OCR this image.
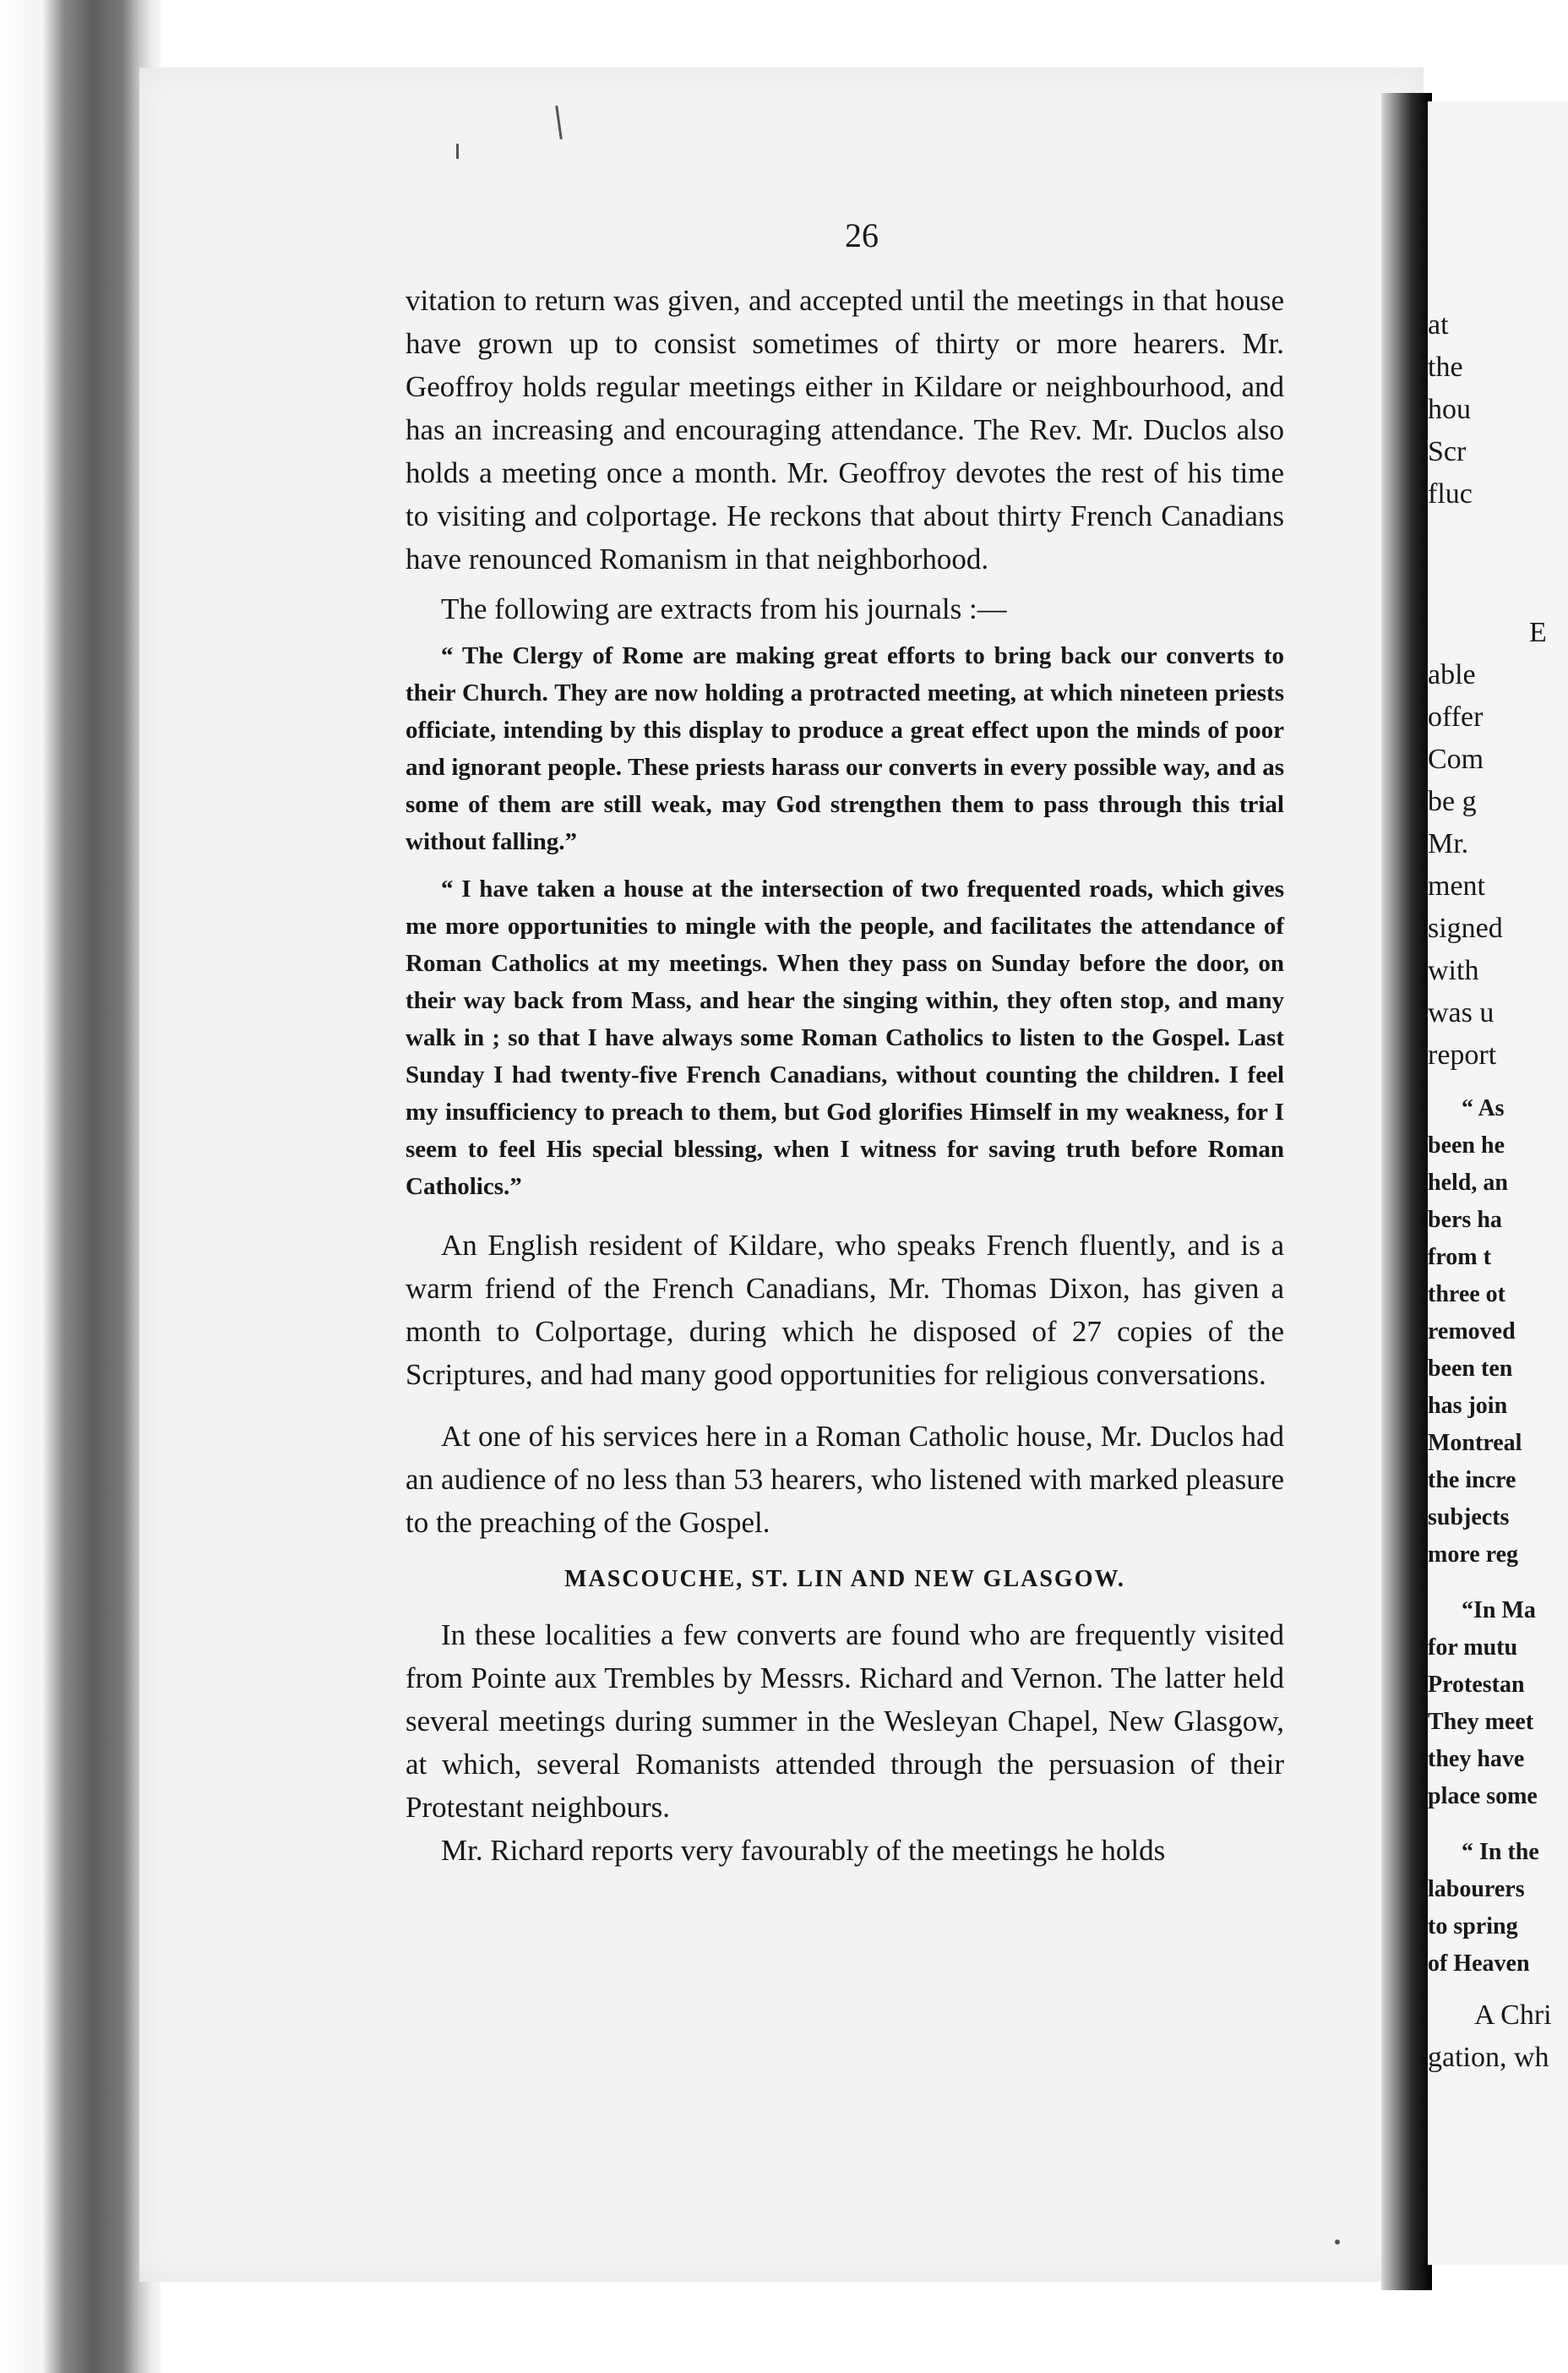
at
the
hou
Scr
fluc
E
able
offer
Com
be g
Mr.
ment
signed
with
was u
report
“ As
been he
held, an
bers ha
from t
three ot
removed
been ten
has join
Montreal
the incre
subjects
more reg
“In Ma
for mutu
Protestan
They meet
they have
place some
“ In the
labourers
to spring
of Heaven
A Chri
gation, wh
26

vitation to return was given, and accepted until the meetings in that house have grown up to consist sometimes of thirty or more hearers. Mr. Geoffroy holds regular meetings either in Kildare or neighbourhood, and has an increasing and encouraging attendance. The Rev. Mr. Duclos also holds a meeting once a month. Mr. Geoffroy devotes the rest of his time to visiting and colportage. He reckons that about thirty French Canadians have renounced Romanism in that neighborhood.

The following are extracts from his journals :—

“ The Clergy of Rome are making great efforts to bring back our converts to their Church. They are now holding a protracted meeting, at which nineteen priests officiate, intending by this display to produce a great effect upon the minds of poor and ignorant people. These priests harass our converts in every possible way, and as some of them are still weak, may God strengthen them to pass through this trial without falling.”

“ I have taken a house at the intersection of two frequented roads, which gives me more opportunities to mingle with the people, and facilitates the attendance of Roman Catholics at my meetings. When they pass on Sunday before the door, on their way back from Mass, and hear the singing within, they often stop, and many walk in ; so that I have always some Roman Catholics to listen to the Gospel. Last Sunday I had twenty-five French Canadians, without counting the children. I feel my insufficiency to preach to them, but God glorifies Himself in my weakness, for I seem to feel His special blessing, when I witness for saving truth before Roman Catholics.”

An English resident of Kildare, who speaks French fluently, and is a warm friend of the French Canadians, Mr. Thomas Dixon, has given a month to Colportage, during which he disposed of 27 copies of the Scriptures, and had many good opportunities for religious conversations.

At one of his services here in a Roman Catholic house, Mr. Duclos had an audience of no less than 53 hearers, who listened with marked pleasure to the preaching of the Gospel.

MASCOUCHE, ST. LIN AND NEW GLASGOW.

In these localities a few converts are found who are frequently visited from Pointe aux Trembles by Messrs. Richard and Vernon. The latter held several meetings during summer in the Wesleyan Chapel, New Glasgow, at which, several Romanists attended through the persuasion of their Protestant neighbours.

Mr. Richard reports very favourably of the meetings he holds
